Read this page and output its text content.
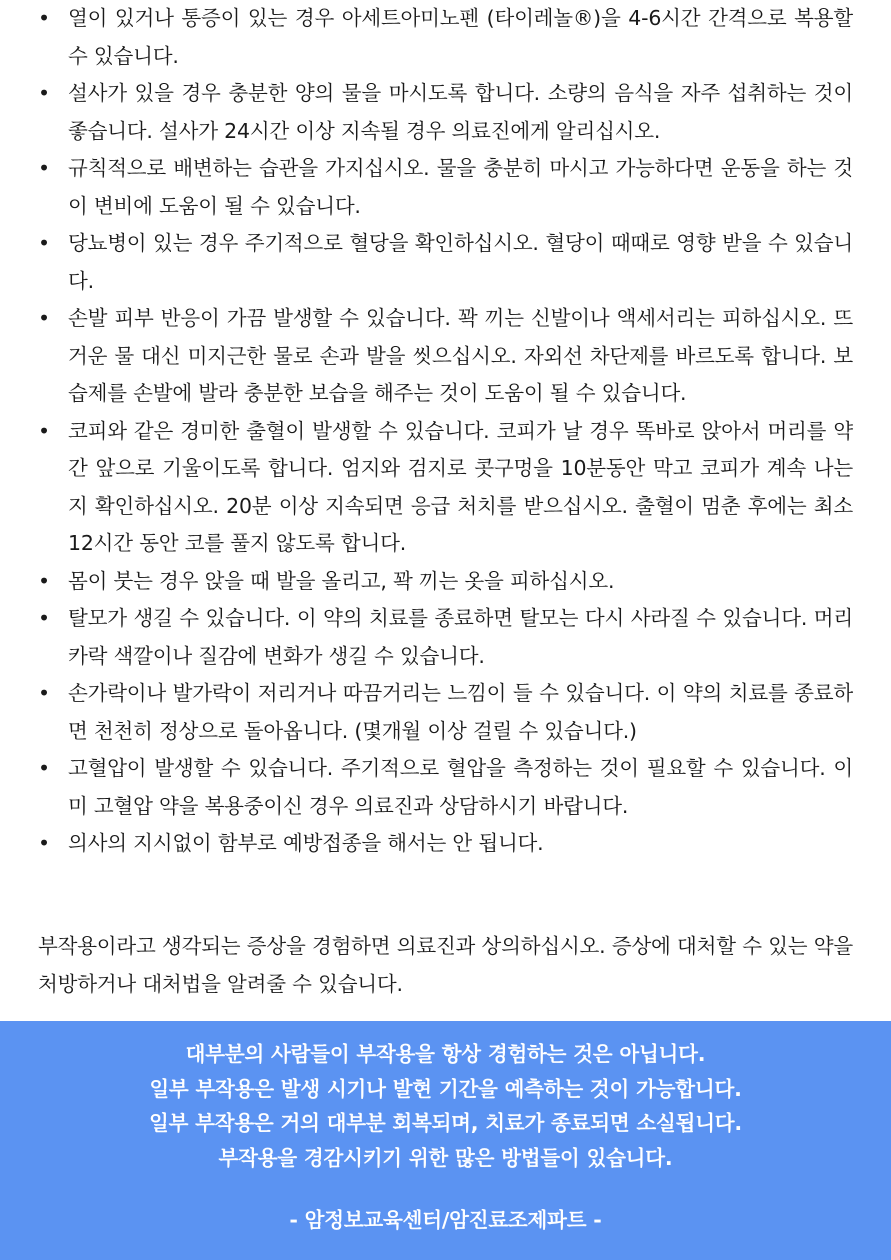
• 열이 있거나 통증이 있는 경우 아세트아미노펜 (타이레놀®)을 4-6시간 간격으로 복용할 수 있습니다.
• 설사가 있을 경우 충분한 양의 물을 마시도록 합니다. 소량의 음식을 자주 섭취하는 것이 좋습니다. 설사가 24시간 이상 지속될 경우 의료진에게 알리십시오.
• 규칙적으로 배변하는 습관을 가지십시오. 물을 충분히 마시고 가능하다면 운동을 하는 것이 변비에 도움이 될 수 있습니다.
• 당뇨병이 있는 경우 주기적으로 혈당을 확인하십시오. 혈당이 때때로 영향 받을 수 있습니다.
• 손발 피부 반응이 가끔 발생할 수 있습니다. 꽉 끼는 신발이나 액세서리는 피하십시오. 뜨거운 물 대신 미지근한 물로 손과 발을 씻으십시오. 자외선 차단제를 바르도록 합니다. 보습제를 손발에 발라 충분한 보습을 해주는 것이 도움이 될 수 있습니다.
• 코피와 같은 경미한 출혈이 발생할 수 있습니다. 코피가 날 경우 똑바로 앉아서 머리를 약간 앞으로 기울이도록 합니다. 엄지와 검지로 콧구멍을 10분동안 막고 코피가 계속 나는지 확인하십시오. 20분 이상 지속되면 응급 처치를 받으십시오. 출혈이 멈춘 후에는 최소 12시간 동안 코를 풀지 않도록 합니다.
• 몸이 붓는 경우 앉을 때 발을 올리고, 꽉 끼는 옷을 피하십시오.
• 탈모가 생길 수 있습니다. 이 약의 치료를 종료하면 탈모는 다시 사라질 수 있습니다. 머리카락 색깔이나 질감에 변화가 생길 수 있습니다.
• 손가락이나 발가락이 저리거나 따끔거리는 느낌이 들 수 있습니다. 이 약의 치료를 종료하면 천천히 정상으로 돌아옵니다. (몇개월 이상 걸릴 수 있습니다.)
• 고혈압이 발생할 수 있습니다. 주기적으로 혈압을 측정하는 것이 필요할 수 있습니다. 이미 고혈압 약을 복용중이신 경우 의료진과 상담하시기 바랍니다.
• 의사의 지시없이 함부로 예방접종을 해서는 안 됩니다.

부작용이라고 생각되는 증상을 경험하면 의료진과 상의하십시오. 증상에 대처할 수 있는 약을 처방하거나 대처법을 알려줄 수 있습니다.

대부분의 사람들이 부작용을 항상 경험하는 것은 아닙니다.

일부 부작용은 발생 시기나 발현 기간을 예측하는 것이 가능합니다.

일부 부작용은 거의 대부분 회복되며, 치료가 종료되면 소실됩니다.

부작용을 경감시키기 위한 많은 방법들이 있습니다.

- 암정보교육센터/암진료조제파트 -
